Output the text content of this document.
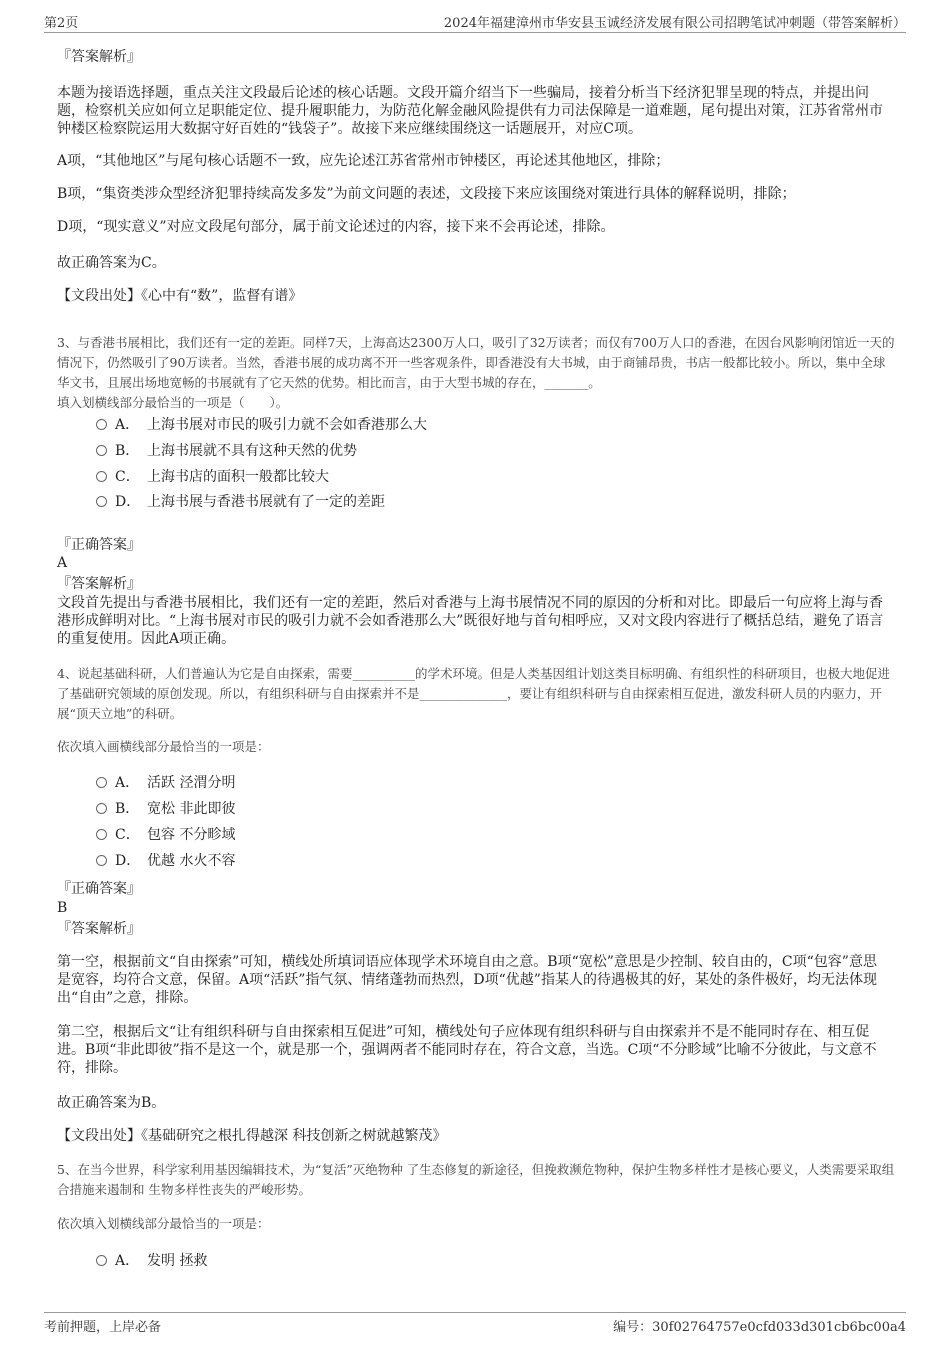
第2页	2024年福建漳州市华安县玉诚经济发展有限公司招聘笔试冲刺题（带答案解析）
『答案解析』
本题为接语选择题，重点关注文段最后论述的核心话题。文段开篇介绍当下一些骗局，接着分析当下经济犯罪呈现的特点，并提出问题，检察机关应如何立足职能定位、提升履职能力，为防范化解金融风险提供有力司法保障是一道难题，尾句提出对策，江苏省常州市钟楼区检察院运用大数据守好百姓的“钱袋子”。故接下来应继续围绕这一话题展开，对应C项。
A项，“其他地区”与尾句核心话题不一致，应先论述江苏省常州市钟楼区，再论述其他地区，排除；
B项，“集资类涉众型经济犯罪持续高发多发”为前文问题的表述，文段接下来应该围绕对策进行具体的解释说明，排除；
D项，“现实意义”对应文段尾句部分，属于前文论述过的内容，接下来不会再论述，排除。
故正确答案为C。
【文段出处】《心中有“数”，监督有谱》
3、与香港书展相比，我们还有一定的差距。同样7天，上海高达2300万人口，吸引了32万读者；而仅有700万人口的香港，在因台风影响闭馆近一天的情况下，仍然吸引了90万读者。当然，香港书展的成功离不开一些客观条件，即香港没有大书城，由于商铺昂贵，书店一般都比较小。所以，集中全球华文书，且展出场地宽畅的书展就有了它天然的优势。相比而言，由于大型书城的存在，_______。
填入划横线部分最恰当的一项是（　　）。
A． 上海书展对市民的吸引力就不会如香港那么大
B． 上海书展就不具有这种天然的优势
C． 上海书店的面积一般都比较大
D． 上海书展与香港书展就有了一定的差距
『正确答案』
A
『答案解析』
文段首先提出与香港书展相比，我们还有一定的差距，然后对香港与上海书展情况不同的原因的分析和对比。即最后一句应将上海与香港形成鲜明对比。“上海书展对市民的吸引力就不会如香港那么大”既很好地与首句相呼应，又对文段内容进行了概括总结，避免了语言的重复使用。因此A项正确。
4、说起基础科研，人们普遍认为它是自由探索，需要__________的学术环境。但是人类基因组计划这类目标明确、有组织性的科研项目，也极大地促进了基础研究领域的原创发现。所以，有组织科研与自由探索并不是______________，要让有组织科研与自由探索相互促进，激发科研人员的内驱力，开展“顶天立地”的科研。
依次填入画横线部分最恰当的一项是：
A． 活跃 泾渭分明
B． 宽松 非此即彼
C． 包容 不分畛域
D． 优越 水火不容
『正确答案』
B
『答案解析』
第一空，根据前文“自由探索”可知，横线处所填词语应体现学术环境自由之意。B项“宽松”意思是少控制、较自由的，C项“包容”意思是宽容，均符合文意，保留。A项“活跃”指气氛、情绪蓬勃而热烈，D项“优越”指某人的待遇极其的好，某处的条件极好，均无法体现出“自由”之意，排除。
第二空，根据后文“让有组织科研与自由探索相互促进”可知，横线处句子应体现有组织科研与自由探索并不是不能同时存在、相互促进。B项“非此即彼”指不是这一个，就是那一个，强调两者不能同时存在，符合文意，当选。C项“不分畛域”比喻不分彼此，与文意不符，排除。
故正确答案为B。
【文段出处】《基础研究之根扎得越深 科技创新之树就越繁茂》
5、在当今世界，科学家利用基因编辑技术，为“复活”灭绝物种 了生态修复的新途径，但挽救濒危物种，保护生物多样性才是核心要义，人类需要采取组合措施来遏制和 生物多样性丧失的严峻形势。
依次填入划横线部分最恰当的一项是：
A． 发明 拯救
考前押题，上岸必备	编号：30f02764757e0cfd033d301cb6bc00a4
